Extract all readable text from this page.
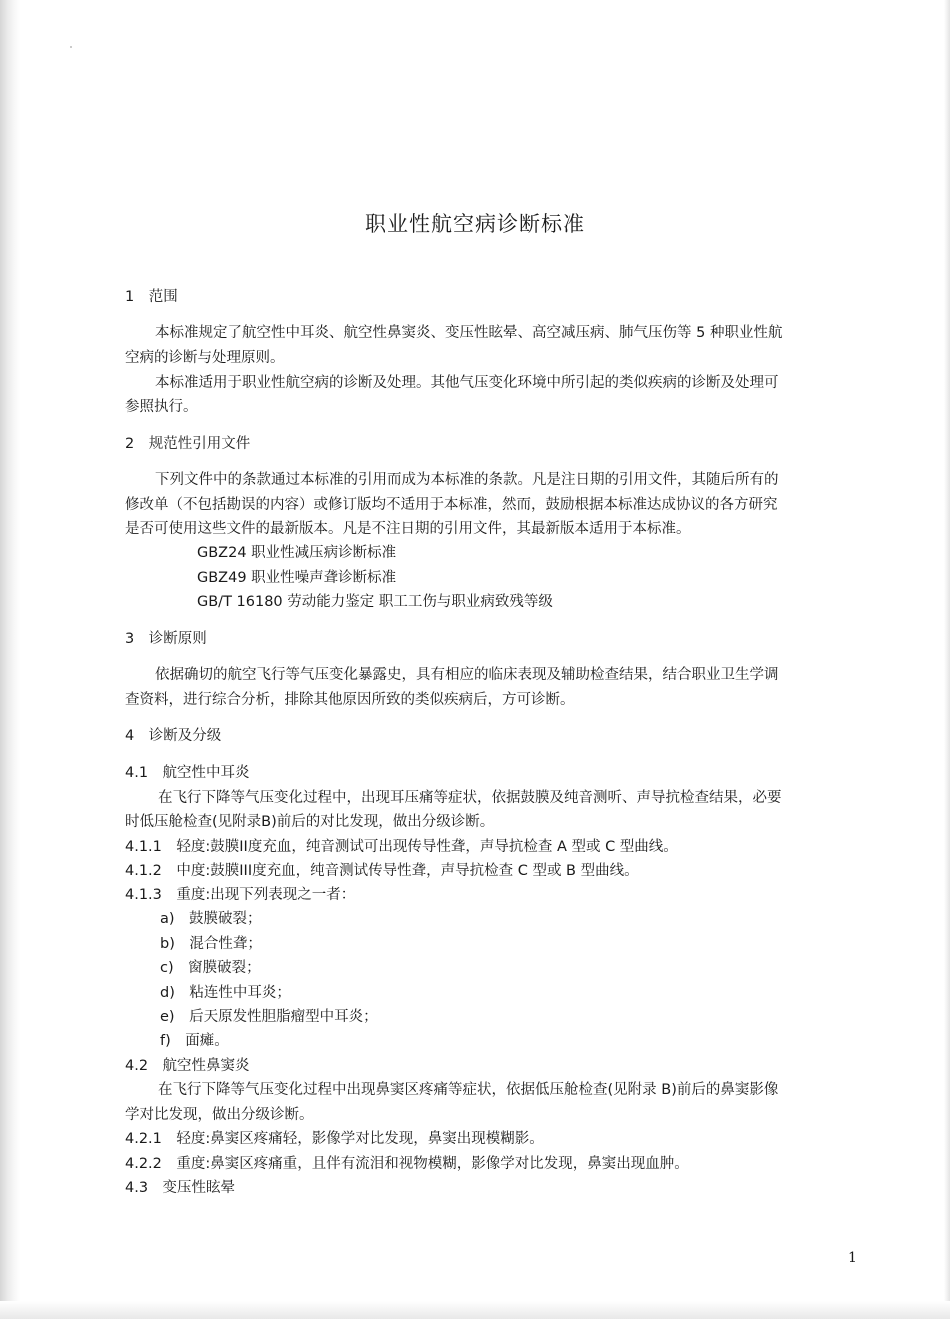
职业性航空病诊断标准

1　范围

本标准规定了航空性中耳炎、航空性鼻窦炎、变压性眩晕、高空减压病、肺气压伤等 5 种职业性航

空病的诊断与处理原则。

本标准适用于职业性航空病的诊断及处理。其他气压变化环境中所引起的类似疾病的诊断及处理可

参照执行。

2　规范性引用文件

下列文件中的条款通过本标准的引用而成为本标准的条款。凡是注日期的引用文件，其随后所有的

修改单（不包括勘误的内容）或修订版均不适用于本标准，然而，鼓励根据本标准达成协议的各方研究

是否可使用这些文件的最新版本。凡是不注日期的引用文件，其最新版本适用于本标准。

GBZ24 职业性减压病诊断标准

GBZ49 职业性噪声聋诊断标准

GB/T 16180 劳动能力鉴定 职工工伤与职业病致残等级

3　诊断原则

依据确切的航空飞行等气压变化暴露史，具有相应的临床表现及辅助检查结果，结合职业卫生学调

查资料，进行综合分析，排除其他原因所致的类似疾病后，方可诊断。

4　诊断及分级

4.1　航空性中耳炎

在飞行下降等气压变化过程中，出现耳压痛等症状，依据鼓膜及纯音测听、声导抗检查结果，必要

时低压舱检查(见附录B)前后的对比发现，做出分级诊断。

4.1.1　轻度:鼓膜II度充血，纯音测试可出现传导性聋，声导抗检查 A 型或 C 型曲线。

4.1.2　中度:鼓膜III度充血，纯音测试传导性聋，声导抗检查 C 型或 B 型曲线。

4.1.3　重度:出现下列表现之一者：

a)　鼓膜破裂；

b)　混合性聋；

c)　窗膜破裂；

d)　粘连性中耳炎；

e)　后天原发性胆脂瘤型中耳炎；

f)　面瘫。

4.2　航空性鼻窦炎

在飞行下降等气压变化过程中出现鼻窦区疼痛等症状，依据低压舱检查(见附录 B)前后的鼻窦影像

学对比发现，做出分级诊断。

4.2.1　轻度:鼻窦区疼痛轻，影像学对比发现，鼻窦出现模糊影。

4.2.2　重度:鼻窦区疼痛重，且伴有流泪和视物模糊，影像学对比发现，鼻窦出现血肿。

4.3　变压性眩晕

1
